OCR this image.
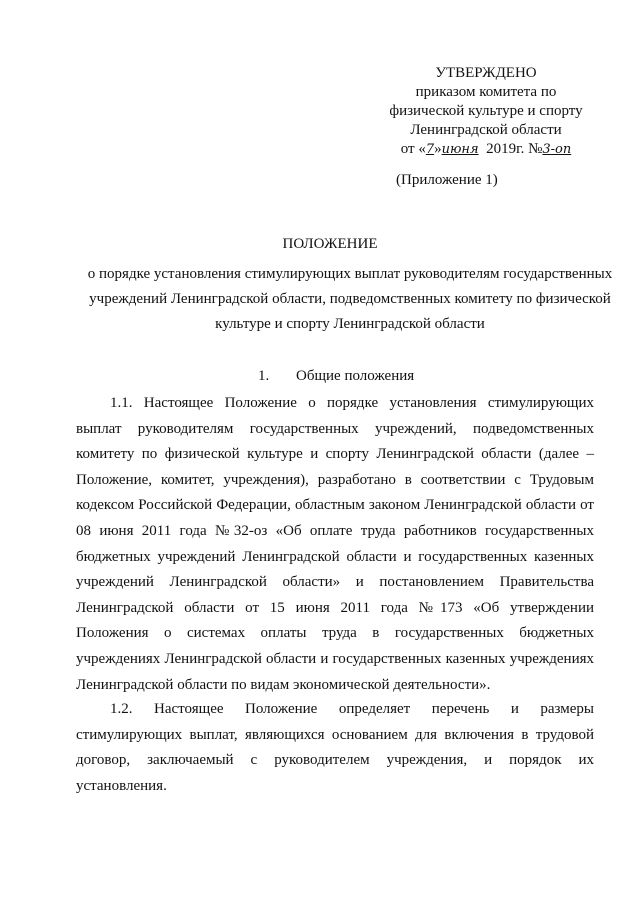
УТВЕРЖДЕНО
приказом комитета по
физической культуре и спорту
Ленинградской области
от «7»июня 2019г. №3-оп
(Приложение 1)
ПОЛОЖЕНИЕ
о порядке установления стимулирующих выплат руководителям государственных учреждений Ленинградской области, подведомственных комитету по физической культуре и спорту Ленинградской области
1. Общие положения
1.1. Настоящее Положение о порядке установления стимулирующих выплат руководителям государственных учреждений, подведомственных комитету по физической культуре и спорту Ленинградской области (далее – Положение, комитет, учреждения), разработано в соответствии с Трудовым кодексом Российской Федерации, областным законом Ленинградской области от 08 июня 2011 года №32-оз «Об оплате труда работников государственных бюджетных учреждений Ленинградской области и государственных казенных учреждений Ленинградской области» и постановлением Правительства Ленинградской области от 15 июня 2011 года №173 «Об утверждении Положения о системах оплаты труда в государственных бюджетных учреждениях Ленинградской области и государственных казенных учреждениях Ленинградской области по видам экономической деятельности».
1.2. Настоящее Положение определяет перечень и размеры стимулирующих выплат, являющихся основанием для включения в трудовой договор, заключаемый с руководителем учреждения, и порядок их установления.
